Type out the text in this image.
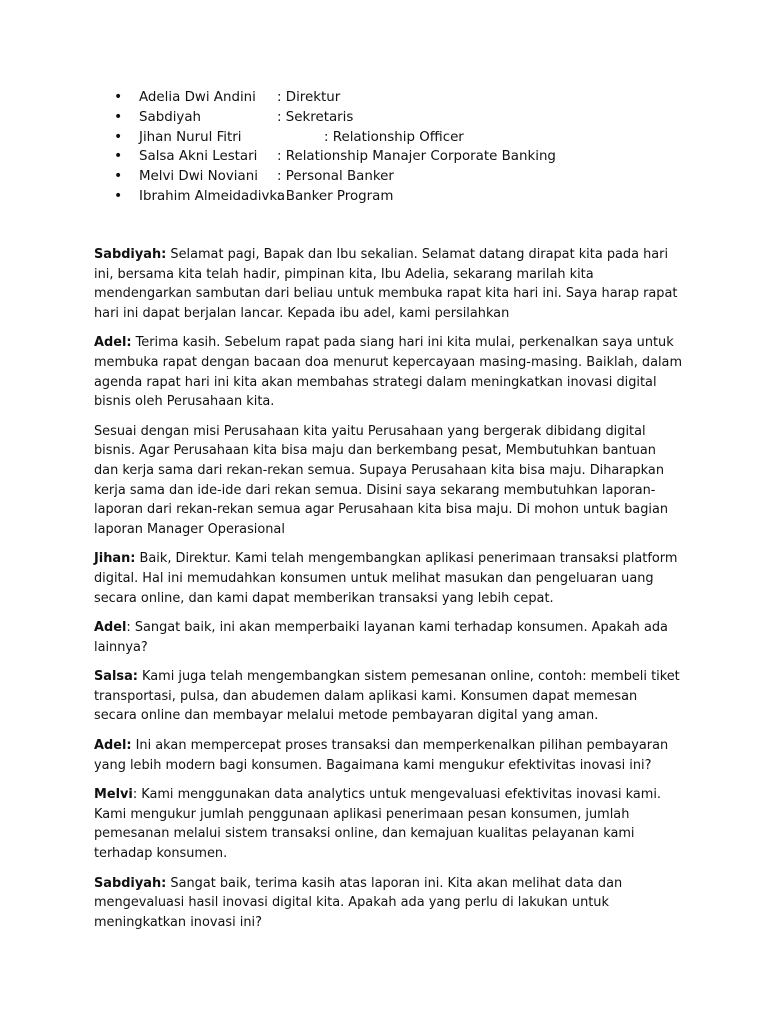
• Adelia Dwi Andini : Direktur
• Sabdiyah	: Sekretaris
• Jihan Nurul Fitri	: Relationship Officer
• Salsa Akni Lestari : Relationship Manajer Corporate Banking
• Melvi Dwi Noviani : Personal Banker
• Ibrahim Almeidadivka
: Banker Program

Sabdiyah: Selamat pagi, Bapak dan Ibu sekalian. Selamat datang dirapat kita pada hari ini, bersama kita telah hadir, pimpinan kita, Ibu Adelia, sekarang marilah kita mendengarkan sambutan dari beliau untuk membuka rapat kita hari ini. Saya harap rapat hari ini dapat berjalan lancar. Kepada ibu adel, kami persilahkan

Adel: Terima kasih. Sebelum rapat pada siang hari ini kita mulai, perkenalkan saya untuk membuka rapat dengan bacaan doa menurut kepercayaan masing-masing. Baiklah, dalam agenda rapat hari ini kita akan membahas strategi dalam meningkatkan inovasi digital bisnis oleh Perusahaan kita.

Sesuai dengan misi Perusahaan kita yaitu Perusahaan yang bergerak dibidang digital bisnis. Agar Perusahaan kita bisa maju dan berkembang pesat, Membutuhkan bantuan dan kerja sama dari rekan-rekan semua. Supaya Perusahaan kita bisa maju. Diharapkan kerja sama dan ide-ide dari rekan semua. Disini saya sekarang membutuhkan laporan-laporan dari rekan-rekan semua agar Perusahaan kita bisa maju. Di mohon untuk bagian laporan Manager Operasional

Jihan: Baik, Direktur. Kami telah mengembangkan aplikasi penerimaan transaksi platform digital. Hal ini memudahkan konsumen untuk melihat masukan dan pengeluaran uang secara online, dan kami dapat memberikan transaksi yang lebih cepat.

Adel: Sangat baik, ini akan memperbaiki layanan kami terhadap konsumen. Apakah ada lainnya?

Salsa: Kami juga telah mengembangkan sistem pemesanan online, contoh: membeli tiket transportasi, pulsa, dan abudemen dalam aplikasi kami. Konsumen dapat memesan secara online dan membayar melalui metode pembayaran digital yang aman.

Adel: Ini akan mempercepat proses transaksi dan memperkenalkan pilihan pembayaran yang lebih modern bagi konsumen. Bagaimana kami mengukur efektivitas inovasi ini?

Melvi: Kami menggunakan data analytics untuk mengevaluasi efektivitas inovasi kami. Kami mengukur jumlah penggunaan aplikasi penerimaan pesan konsumen, jumlah pemesanan melalui sistem transaksi online, dan kemajuan kualitas pelayanan kami terhadap konsumen.

Sabdiyah: Sangat baik, terima kasih atas laporan ini. Kita akan melihat data dan mengevaluasi hasil inovasi digital kita. Apakah ada yang perlu di lakukan untuk meningkatkan inovasi ini?
